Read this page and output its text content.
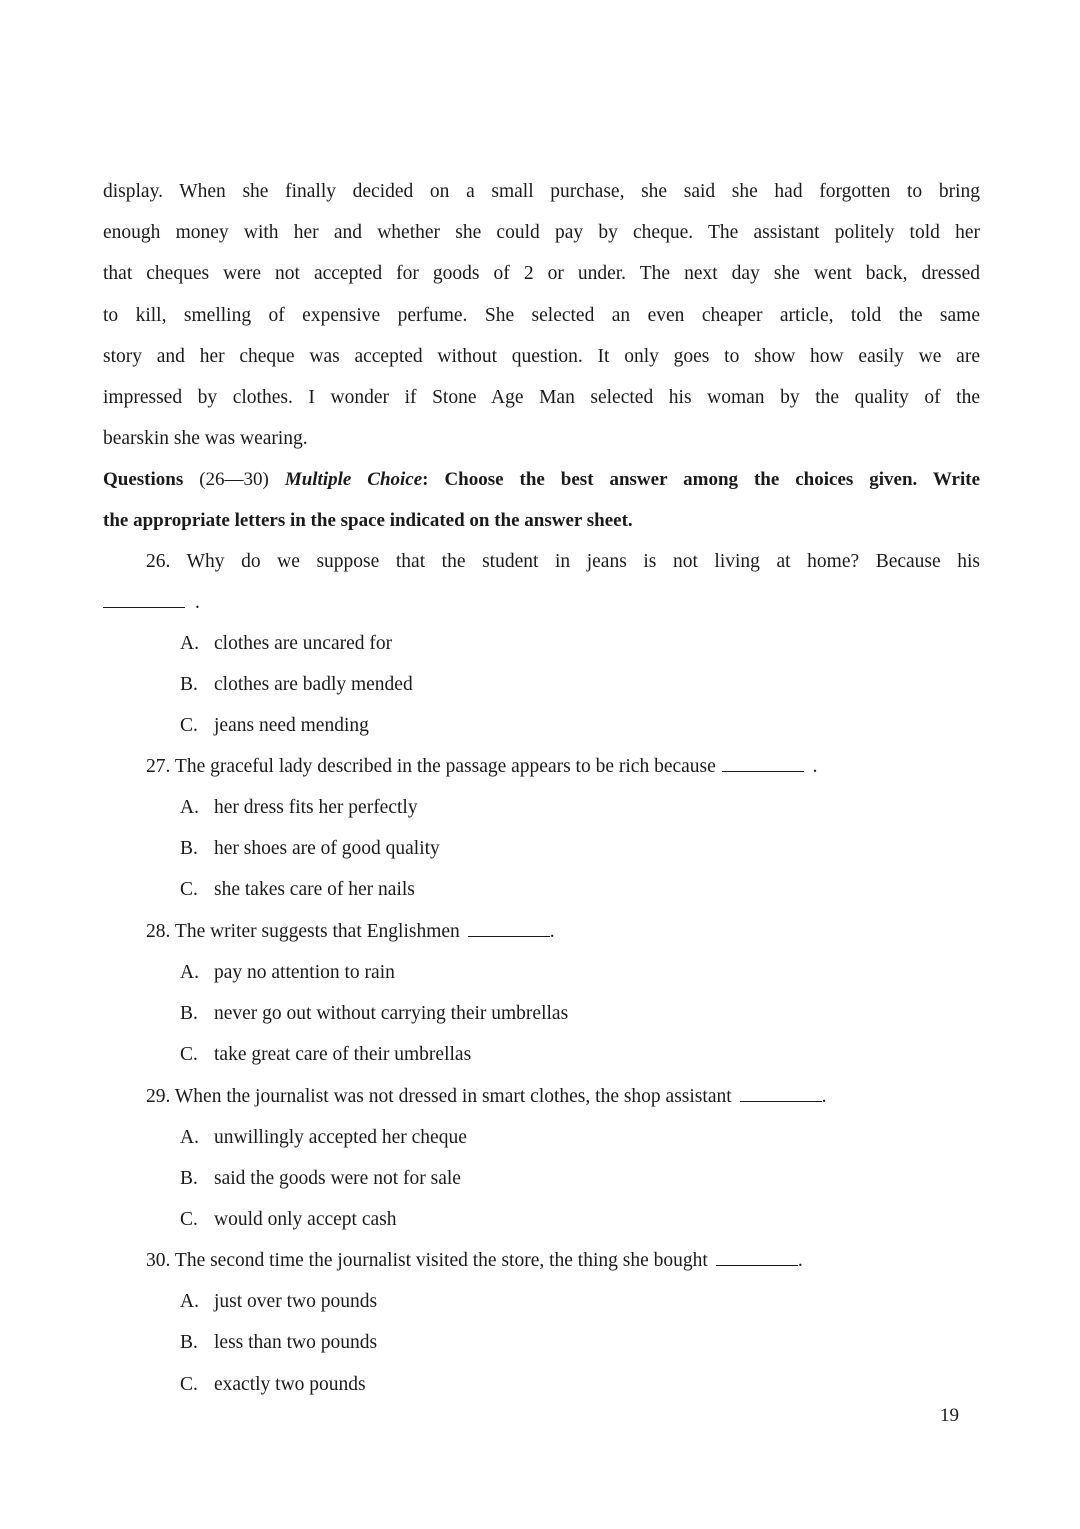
display. When she finally decided on a small purchase, she said she had forgotten to bring
enough money with her and whether she could pay by cheque. The assistant politely told her
that cheques were not accepted for goods of 2 or under. The next day she went back, dressed
to kill, smelling of expensive perfume. She selected an even cheaper article, told the same
story and her cheque was accepted without question. It only goes to show how easily we are
impressed by clothes. I wonder if Stone Age Man selected his woman by the quality of the
bearskin she was wearing.
Questions (26—30) Multiple Choice: Choose the best answer among the choices given. Write
the appropriate letters in the space indicated on the answer sheet.
26. Why do we suppose that the student in jeans is not living at home? Because his
.
A. clothes are uncared for
B. clothes are badly mended
C. jeans need mending
27. The graceful lady described in the passage appears to be rich because	.
A. her dress fits her perfectly
B. her shoes are of good quality
C. she takes care of her nails
28. The writer suggests that Englishmen	.
A. pay no attention to rain
B. never go out without carrying their umbrellas
C. take great care of their umbrellas
29. When the journalist was not dressed in smart clothes, the shop assistant	.
A. unwillingly accepted her cheque
B. said the goods were not for sale
C. would only accept cash
30. The second time the journalist visited the store, the thing she bought	.
A. just over two pounds
B. less than two pounds
C. exactly two pounds
19
